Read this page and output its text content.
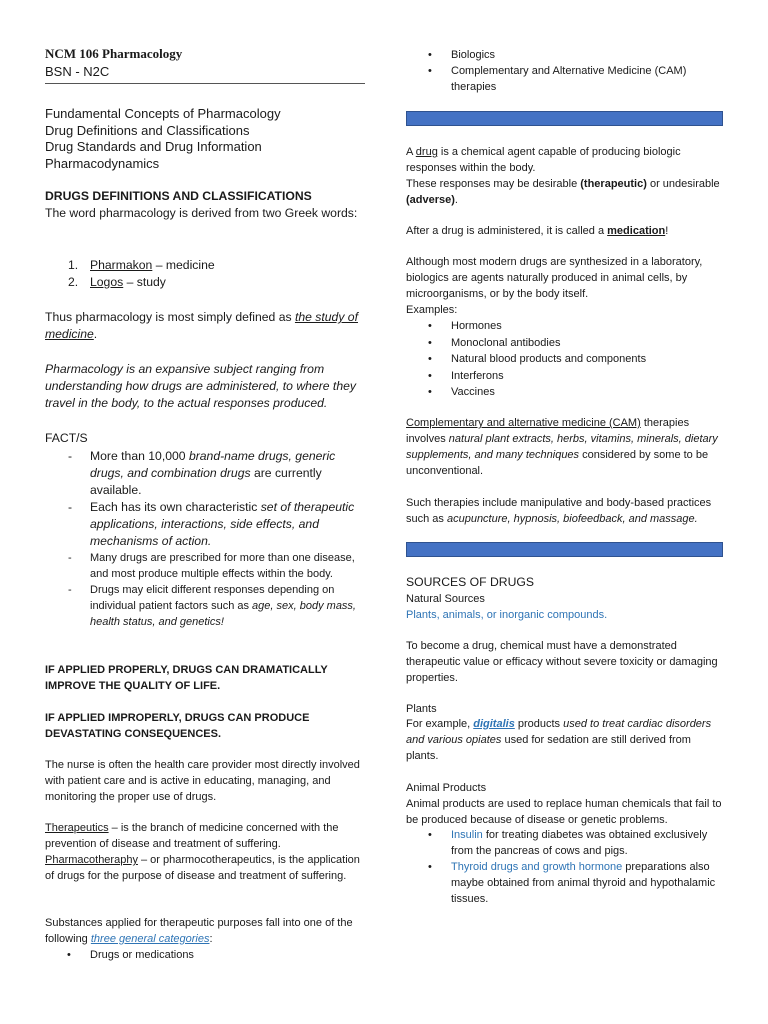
NCM 106 Pharmacology
BSN - N2C
Fundamental Concepts of Pharmacology
Drug Definitions and Classifications
Drug Standards and Drug Information
Pharmacodynamics
DRUGS DEFINITIONS AND CLASSIFICATIONS
The word pharmacology is derived from two Greek words:
1. Pharmakon – medicine
2. Logos – study
Thus pharmacology is most simply defined as the study of medicine.
Pharmacology is an expansive subject ranging from understanding how drugs are administered, to where they travel in the body, to the actual responses produced.
FACT/S
- More than 10,000 brand-name drugs, generic drugs, and combination drugs are currently available.
- Each has its own characteristic set of therapeutic applications, interactions, side effects, and mechanisms of action.
- Many drugs are prescribed for more than one disease, and most produce multiple effects within the body.
- Drugs may elicit different responses depending on individual patient factors such as age, sex, body mass, health status, and genetics!
IF APPLIED PROPERLY, DRUGS CAN DRAMATICALLY IMPROVE THE QUALITY OF LIFE.
IF APPLIED IMPROPERLY, DRUGS CAN PRODUCE DEVASTATING CONSEQUENCES.
The nurse is often the health care provider most directly involved with patient care and is active in educating, managing, and monitoring the proper use of drugs.
Therapeutics – is the branch of medicine concerned with the prevention of disease and treatment of suffering.
Pharmacotheraphy – or pharmocotherapeutics, is the application of drugs for the purpose of disease and treatment of suffering.
Substances applied for therapeutic purposes fall into one of the following three general categories:
• Drugs or medications
• Biologics
• Complementary and Alternative Medicine (CAM) therapies
A drug is a chemical agent capable of producing biologic responses within the body.
These responses may be desirable (therapeutic) or undesirable (adverse).
After a drug is administered, it is called a medication!
Although most modern drugs are synthesized in a laboratory, biologics are agents naturally produced in animal cells, by microorganisms, or by the body itself.
Examples:
• Hormones
• Monoclonal antibodies
• Natural blood products and components
• Interferons
• Vaccines
Complementary and alternative medicine (CAM) therapies involves natural plant extracts, herbs, vitamins, minerals, dietary supplements, and many techniques considered by some to be unconventional.
Such therapies include manipulative and body-based practices such as acupuncture, hypnosis, biofeedback, and massage.
SOURCES OF DRUGS
Natural Sources
Plants, animals, or inorganic compounds.
To become a drug, chemical must have a demonstrated therapeutic value or efficacy without severe toxicity or damaging properties.
Plants
For example, digitalis products used to treat cardiac disorders and various opiates used for sedation are still derived from plants.
Animal Products
Animal products are used to replace human chemicals that fail to be produced because of disease or genetic problems.
• Insulin for treating diabetes was obtained exclusively from the pancreas of cows and pigs.
• Thyroid drugs and growth hormone preparations also maybe obtained from animal thyroid and hypothalamic tissues.
